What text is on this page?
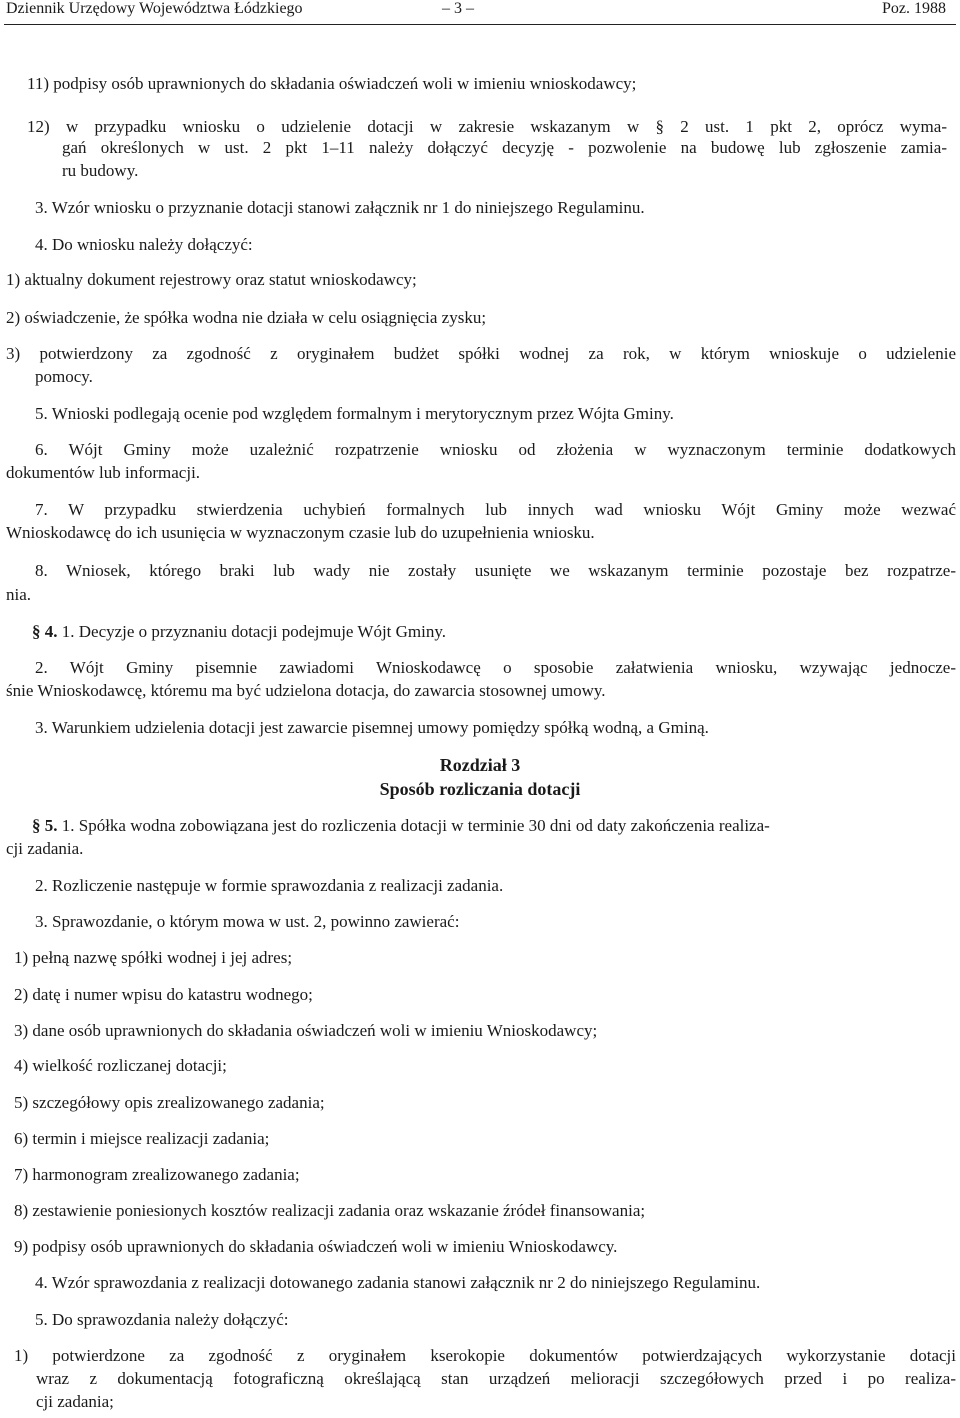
Dziennik Urzędowy Województwa Łódzkiego	– 3 –	Poz. 1988

11) podpisy osób uprawnionych do składania oświadczeń woli w imieniu wnioskodawcy;

12) w przypadku wniosku o udzielenie dotacji w zakresie wskazanym w § 2 ust. 1 pkt 2, oprócz wyma-

gań określonych w ust. 2 pkt 1–11 należy dołączyć decyzję - pozwolenie na budowę lub zgłoszenie zamia-

ru budowy.

3. Wzór wniosku o przyznanie dotacji stanowi załącznik nr 1 do niniejszego Regulaminu.

4. Do wniosku należy dołączyć:

1) aktualny dokument rejestrowy oraz statut wnioskodawcy;

2) oświadczenie, że spółka wodna nie działa w celu osiągnięcia zysku;

3) potwierdzony za zgodność z oryginałem budżet spółki wodnej za rok, w którym wnioskuje o udzielenie

pomocy.

5. Wnioski podlegają ocenie pod względem formalnym i merytorycznym przez Wójta Gminy.

6. Wójt Gminy może uzależnić rozpatrzenie wniosku od złożenia w wyznaczonym terminie dodatkowych

dokumentów lub informacji.

7. W przypadku stwierdzenia uchybień formalnych lub innych wad wniosku Wójt Gminy może wezwać

Wnioskodawcę do ich usunięcia w wyznaczonym czasie lub do uzupełnienia wniosku.

8. Wniosek, którego braki lub wady nie zostały usunięte we wskazanym terminie pozostaje bez rozpatrze-

nia.

§ 4. 1. Decyzje o przyznaniu dotacji podejmuje Wójt Gminy.

2. Wójt Gminy pisemnie zawiadomi Wnioskodawcę o sposobie załatwienia wniosku, wzywając jednocze-

śnie Wnioskodawcę, któremu ma być udzielona dotacja, do zawarcia stosownej umowy.

3. Warunkiem udzielenia dotacji jest zawarcie pisemnej umowy pomiędzy spółką wodną, a Gminą.

Rozdział 3

Sposób rozliczania dotacji

§ 5. 1. Spółka wodna zobowiązana jest do rozliczenia dotacji w terminie 30 dni od daty zakończenia realiza-

cji zadania.

2. Rozliczenie następuje w formie sprawozdania z realizacji zadania.

3. Sprawozdanie, o którym mowa w ust. 2, powinno zawierać:

1) pełną nazwę spółki wodnej i jej adres;

2) datę i numer wpisu do katastru wodnego;

3) dane osób uprawnionych do składania oświadczeń woli w imieniu Wnioskodawcy;

4) wielkość rozliczanej dotacji;

5) szczegółowy opis zrealizowanego zadania;

6) termin i miejsce realizacji zadania;

7) harmonogram zrealizowanego zadania;

8) zestawienie poniesionych kosztów realizacji zadania oraz wskazanie źródeł finansowania;

9) podpisy osób uprawnionych do składania oświadczeń woli w imieniu Wnioskodawcy.

4. Wzór sprawozdania z realizacji dotowanego zadania stanowi załącznik nr 2 do niniejszego Regulaminu.

5. Do sprawozdania należy dołączyć:

1) potwierdzone za zgodność z oryginałem kserokopie dokumentów potwierdzających wykorzystanie dotacji

wraz z dokumentacją fotograficzną określającą stan urządzeń melioracji szczegółowych przed i po realiza-

cji zadania;
